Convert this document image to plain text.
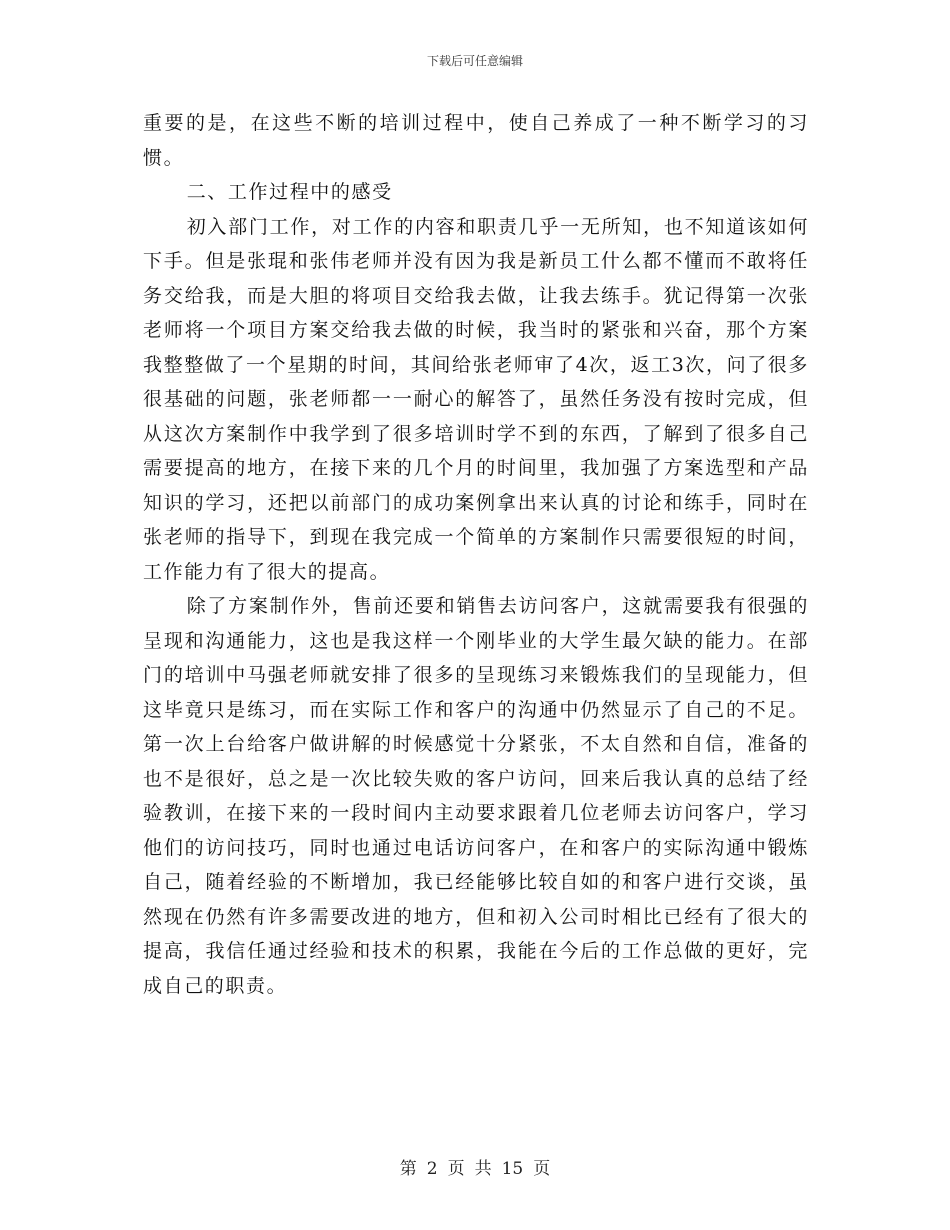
下载后可任意编辑

重要的是，在这些不断的培训过程中，使自己养成了一种不断学习的习惯。

二、工作过程中的感受

初入部门工作，对工作的内容和职责几乎一无所知，也不知道该如何下手。但是张琨和张伟老师并没有因为我是新员工什么都不懂而不敢将任务交给我，而是大胆的将项目交给我去做，让我去练手。犹记得第一次张老师将一个项目方案交给我去做的时候，我当时的紧张和兴奋，那个方案我整整做了一个星期的时间，其间给张老师审了4次，返工3次，问了很多很基础的问题，张老师都一一耐心的解答了，虽然任务没有按时完成，但从这次方案制作中我学到了很多培训时学不到的东西，了解到了很多自己需要提高的地方，在接下来的几个月的时间里，我加强了方案选型和产品知识的学习，还把以前部门的成功案例拿出来认真的讨论和练手，同时在张老师的指导下，到现在我完成一个简单的方案制作只需要很短的时间，工作能力有了很大的提高。

除了方案制作外，售前还要和销售去访问客户，这就需要我有很强的呈现和沟通能力，这也是我这样一个刚毕业的大学生最欠缺的能力。在部门的培训中马强老师就安排了很多的呈现练习来锻炼我们的呈现能力，但这毕竟只是练习，而在实际工作和客户的沟通中仍然显示了自己的不足。第一次上台给客户做讲解的时候感觉十分紧张，不太自然和自信，准备的也不是很好，总之是一次比较失败的客户访问，回来后我认真的总结了经验教训，在接下来的一段时间内主动要求跟着几位老师去访问客户，学习他们的访问技巧，同时也通过电话访问客户，在和客户的实际沟通中锻炼自己，随着经验的不断增加，我已经能够比较自如的和客户进行交谈，虽然现在仍然有许多需要改进的地方，但和初入公司时相比已经有了很大的提高，我信任通过经验和技术的积累，我能在今后的工作总做的更好，完成自己的职责。

第 2 页 共 15 页
